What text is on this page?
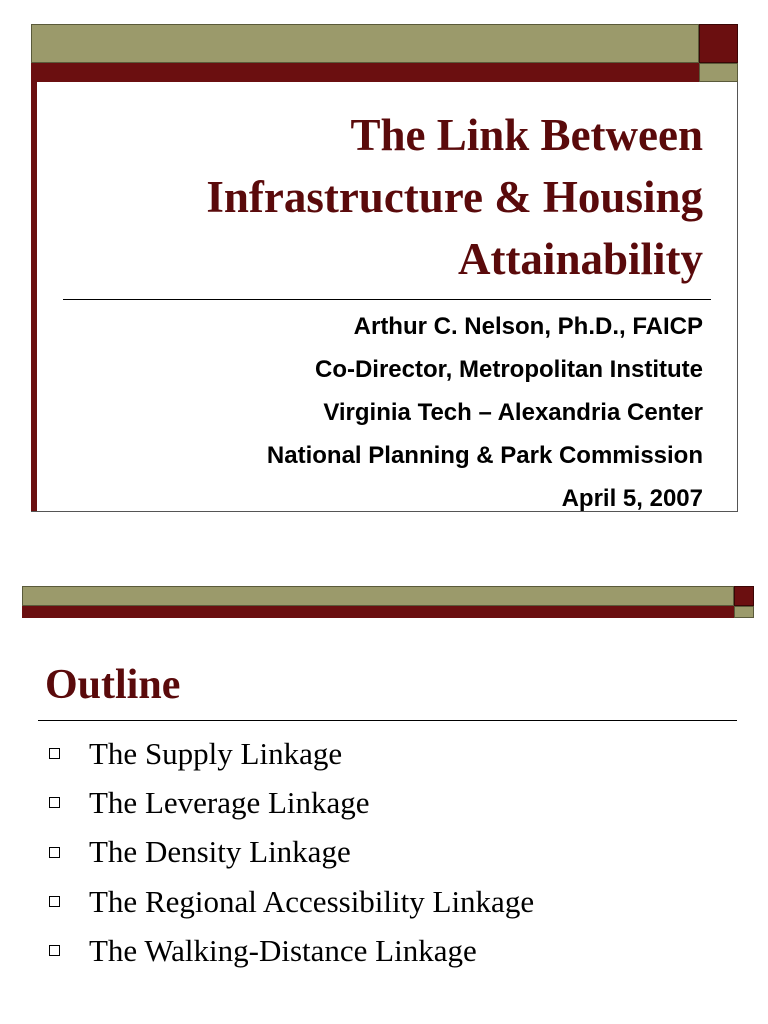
The Link Between
Infrastructure & Housing
Attainability
Arthur C. Nelson, Ph.D., FAICP
Co-Director, Metropolitan Institute
Virginia Tech – Alexandria Center
National Planning & Park Commission
April 5, 2007
Outline
The Supply Linkage
The Leverage Linkage
The Density Linkage
The Regional Accessibility Linkage
The Walking-Distance Linkage
